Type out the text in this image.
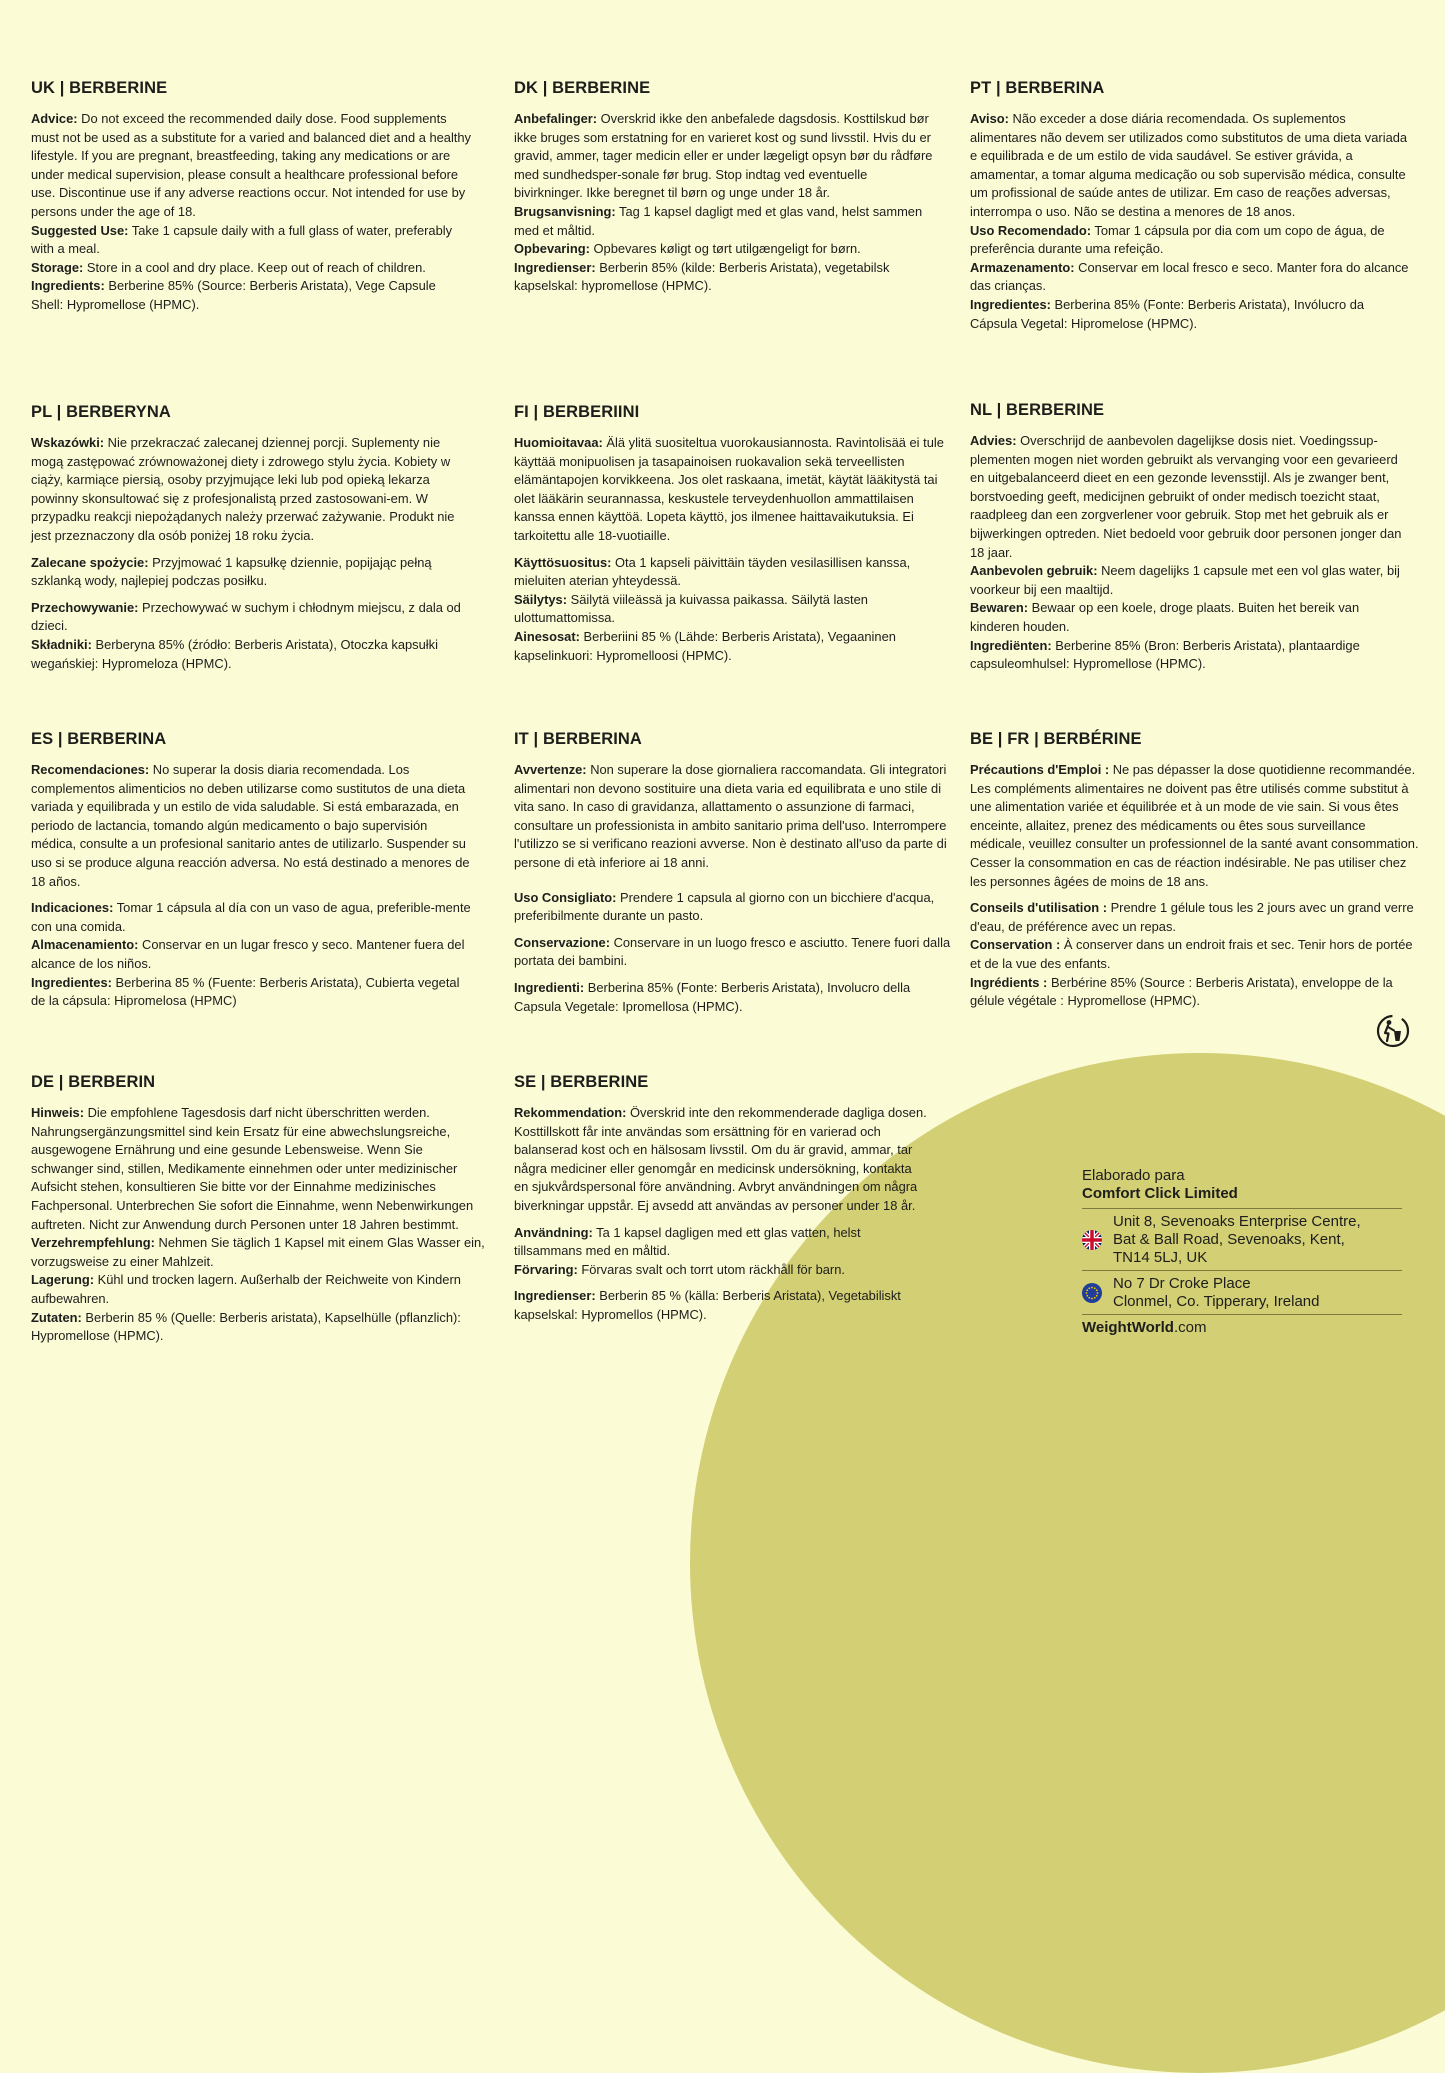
UK | BERBERINE

Advice: Do not exceed the recommended daily dose. Food supplements must not be used as a substitute for a varied and balanced diet and a healthy lifestyle. If you are pregnant, breastfeeding, taking any medications or are under medical supervision, please consult a healthcare professional before use. Discontinue use if any adverse reactions occur. Not intended for use by persons under the age of 18.

Suggested Use: Take 1 capsule daily with a full glass of water, preferably with a meal.

Storage: Store in a cool and dry place. Keep out of reach of children.

Ingredients: Berberine 85% (Source: Berberis Aristata), Vege Capsule Shell: Hypromellose (HPMC).

PL | BERBERYNA

Wskazówki: Nie przekraczać zalecanej dziennej porcji. Suplementy nie mogą zastępować zrównoważonej diety i zdrowego stylu życia. Kobiety w ciąży, karmiące piersią, osoby przyjmujące leki lub pod opieką lekarza powinny skonsultować się z profesjonalistą przed zastosowani-em. W przypadku reakcji niepożądanych należy przerwać zażywanie. Produkt nie jest przeznaczony dla osób poniżej 18 roku życia.

Zalecane spożycie: Przyjmować 1 kapsułkę dziennie, popijając pełną szklanką wody, najlepiej podczas posiłku.

Przechowywanie: Przechowywać w suchym i chłodnym miejscu, z dala od dzieci.

Składniki: Berberyna 85% (źródło: Berberis Aristata), Otoczka kapsułki wegańskiej: Hypromeloza (HPMC).

ES | BERBERINA

Recomendaciones: No superar la dosis diaria recomendada. Los complementos alimenticios no deben utilizarse como sustitutos de una dieta variada y equilibrada y un estilo de vida saludable. Si está embarazada, en periodo de lactancia, tomando algún medicamento o bajo supervisión médica, consulte a un profesional sanitario antes de utilizarlo. Suspender su uso si se produce alguna reacción adversa. No está destinado a menores de 18 años.

Indicaciones: Tomar 1 cápsula al día con un vaso de agua, preferible-mente con una comida.

Almacenamiento: Conservar en un lugar fresco y seco. Mantener fuera del alcance de los niños.

Ingredientes: Berberina 85 % (Fuente: Berberis Aristata), Cubierta vegetal de la cápsula: Hipromelosa (HPMC)

DE | BERBERIN

Hinweis: Die empfohlene Tagesdosis darf nicht überschritten werden. Nahrungsergänzungsmittel sind kein Ersatz für eine abwechslungsreiche, ausgewogene Ernährung und eine gesunde Lebensweise. Wenn Sie schwanger sind, stillen, Medikamente einnehmen oder unter medizinischer Aufsicht stehen, konsultieren Sie bitte vor der Einnahme medizinisches Fachpersonal. Unterbrechen Sie sofort die Einnahme, wenn Nebenwirkungen auftreten. Nicht zur Anwendung durch Personen unter 18 Jahren bestimmt.

Verzehrempfehlung: Nehmen Sie täglich 1 Kapsel mit einem Glas Wasser ein, vorzugsweise zu einer Mahlzeit.

Lagerung: Kühl und trocken lagern. Außerhalb der Reichweite von Kindern aufbewahren.

Zutaten: Berberin 85 % (Quelle: Berberis aristata), Kapselhülle (pflanzlich): Hypromellose (HPMC).

DK | BERBERINE

Anbefalinger: Overskrid ikke den anbefalede dagsdosis. Kosttilskud bør ikke bruges som erstatning for en varieret kost og sund livsstil. Hvis du er gravid, ammer, tager medicin eller er under lægeligt opsyn bør du rådføre med sundhedsper-sonale før brug. Stop indtag ved eventuelle bivirkninger. Ikke beregnet til børn og unge under 18 år.

Brugsanvisning: Tag 1 kapsel dagligt med et glas vand, helst sammen med et måltid.

Opbevaring: Opbevares køligt og tørt utilgængeligt for børn.

Ingredienser: Berberin 85% (kilde: Berberis Aristata), vegetabilsk kapselskal: hypromellose (HPMC).

FI | BERBERIINI

Huomioitavaa: Älä ylitä suositeltua vuorokausiannosta. Ravintolisää ei tule käyttää monipuolisen ja tasapainoisen ruokavalion sekä terveellisten elämäntapojen korvikkeena. Jos olet raskaana, imetät, käytät lääkitystä tai olet lääkärin seurannassa, keskustele terveydenhuollon ammattilaisen kanssa ennen käyttöä. Lopeta käyttö, jos ilmenee haittavaikutuksia. Ei tarkoitettu alle 18-vuotiaille.

Käyttösuositus: Ota 1 kapseli päivittäin täyden vesilasillisen kanssa, mieluiten aterian yhteydessä.

Säilytys: Säilytä viileässä ja kuivassa paikassa. Säilytä lasten ulottumattomissa.

Ainesosat: Berberiini 85 % (Lähde: Berberis Aristata), Vegaaninen kapselinkuori: Hypromelloosi (HPMC).

IT | BERBERINA

Avvertenze: Non superare la dose giornaliera raccomandata. Gli integratori alimentari non devono sostituire una dieta varia ed equilibrata e uno stile di vita sano. In caso di gravidanza, allattamento o assunzione di farmaci, consultare un professionista in ambito sanitario prima dell'uso. Interrompere l'utilizzo se si verificano reazioni avverse. Non è destinato all'uso da parte di persone di età inferiore ai 18 anni.

Uso Consigliato: Prendere 1 capsula al giorno con un bicchiere d'acqua, preferibilmente durante un pasto.

Conservazione: Conservare in un luogo fresco e asciutto. Tenere fuori dalla portata dei bambini.

Ingredienti: Berberina 85% (Fonte: Berberis Aristata), Involucro della Capsula Vegetale: Ipromellosa (HPMC).

SE | BERBERINE

Rekommendation: Överskrid inte den rekommenderade dagliga dosen. Kosttillskott får inte användas som ersättning för en varierad och balanserad kost och en hälsosam livsstil. Om du är gravid, ammar, tar några mediciner eller genomgår en medicinsk undersökning, kontakta en sjukvårdspersonal före användning. Avbryt användningen om några biverkningar uppstår. Ej avsedd att användas av personer under 18 år.

Användning: Ta 1 kapsel dagligen med ett glas vatten, helst tillsammans med en måltid.

Förvaring: Förvaras svalt och torrt utom räckhåll för barn.

Ingredienser: Berberin 85 % (källa: Berberis Aristata), Vegetabiliskt kapselskal: Hypromellos (HPMC).

PT | BERBERINA

Aviso: Não exceder a dose diária recomendada. Os suplementos alimentares não devem ser utilizados como substitutos de uma dieta variada e equilibrada e de um estilo de vida saudável. Se estiver grávida, a amamentar, a tomar alguma medicação ou sob supervisão médica, consulte um profissional de saúde antes de utilizar. Em caso de reações adversas, interrompa o uso. Não se destina a menores de 18 anos.

Uso Recomendado: Tomar 1 cápsula por dia com um copo de água, de preferência durante uma refeição.

Armazenamento: Conservar em local fresco e seco. Manter fora do alcance das crianças.

Ingredientes: Berberina 85% (Fonte: Berberis Aristata), Invólucro da Cápsula Vegetal: Hipromelose (HPMC).

NL | BERBERINE

Advies: Overschrijd de aanbevolen dagelijkse dosis niet. Voedingssup-plementen mogen niet worden gebruikt als vervanging voor een gevarieerd en uitgebalanceerd dieet en een gezonde levensstijl. Als je zwanger bent, borstvoeding geeft, medicijnen gebruikt of onder medisch toezicht staat, raadpleeg dan een zorgverlener voor gebruik. Stop met het gebruik als er bijwerkingen optreden. Niet bedoeld voor gebruik door personen jonger dan 18 jaar.

Aanbevolen gebruik: Neem dagelijks 1 capsule met een vol glas water, bij voorkeur bij een maaltijd.

Bewaren: Bewaar op een koele, droge plaats. Buiten het bereik van kinderen houden.

Ingrediënten: Berberine 85% (Bron: Berberis Aristata), plantaardige capsuleomhulsel: Hypromellose (HPMC).

BE | FR | BERBÉRINE

Précautions d'Emploi : Ne pas dépasser la dose quotidienne recommandée. Les compléments alimentaires ne doivent pas être utilisés comme substitut à une alimentation variée et équilibrée et à un mode de vie sain. Si vous êtes enceinte, allaitez, prenez des médicaments ou êtes sous surveillance médicale, veuillez consulter un professionnel de la santé avant consommation. Cesser la consommation en cas de réaction indésirable. Ne pas utiliser chez les personnes âgées de moins de 18 ans.

Conseils d'utilisation : Prendre 1 gélule tous les 2 jours avec un grand verre d'eau, de préférence avec un repas.

Conservation : À conserver dans un endroit frais et sec. Tenir hors de portée et de la vue des enfants.

Ingrédients : Berbérine 85% (Source : Berberis Aristata), enveloppe de la gélule végétale : Hypromellose (HPMC).

Elaborado para
Comfort Click Limited
Unit 8, Sevenoaks Enterprise Centre,
Bat & Ball Road, Sevenoaks, Kent,
TN14 5LJ, UK
No 7 Dr Croke Place
Clonmel, Co. Tipperary, Ireland
WeightWorld.com
